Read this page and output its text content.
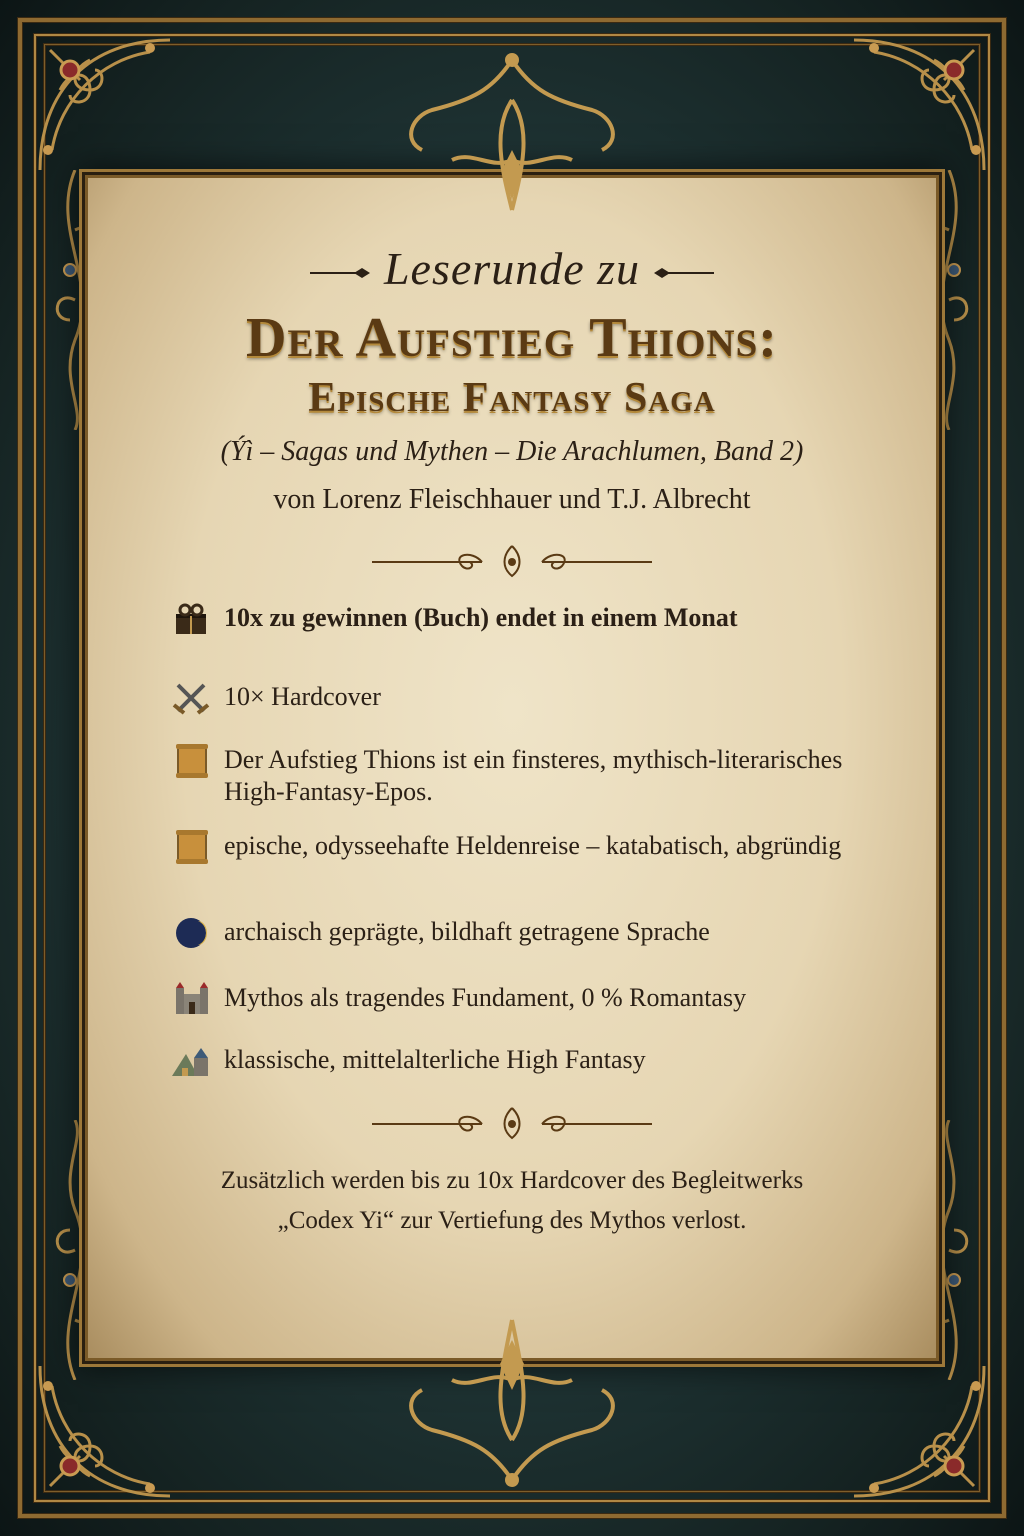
Leserunde zu
Der Aufstieg Thions:
Epische Fantasy Saga
(Ýì – Sagas und Mythen – Die Arachlumen, Band 2)
von Lorenz Fleischhauer und T.J. Albrecht
10x zu gewinnen (Buch) endet in einem Monat
10× Hardcover
Der Aufstieg Thions ist ein finsteres, mythisch-literarisches High-Fantasy-Epos.
epische, odysseehafte Heldenreise – katabatisch, abgründig
archaisch geprägte, bildhaft getragene Sprache
Mythos als tragendes Fundament, 0 % Romantasy
klassische, mittelalterliche High Fantasy
Zusätzlich werden bis zu 10x Hardcover des Begleitwerks
„Codex Yi“ zur Vertiefung des Mythos verlost.
